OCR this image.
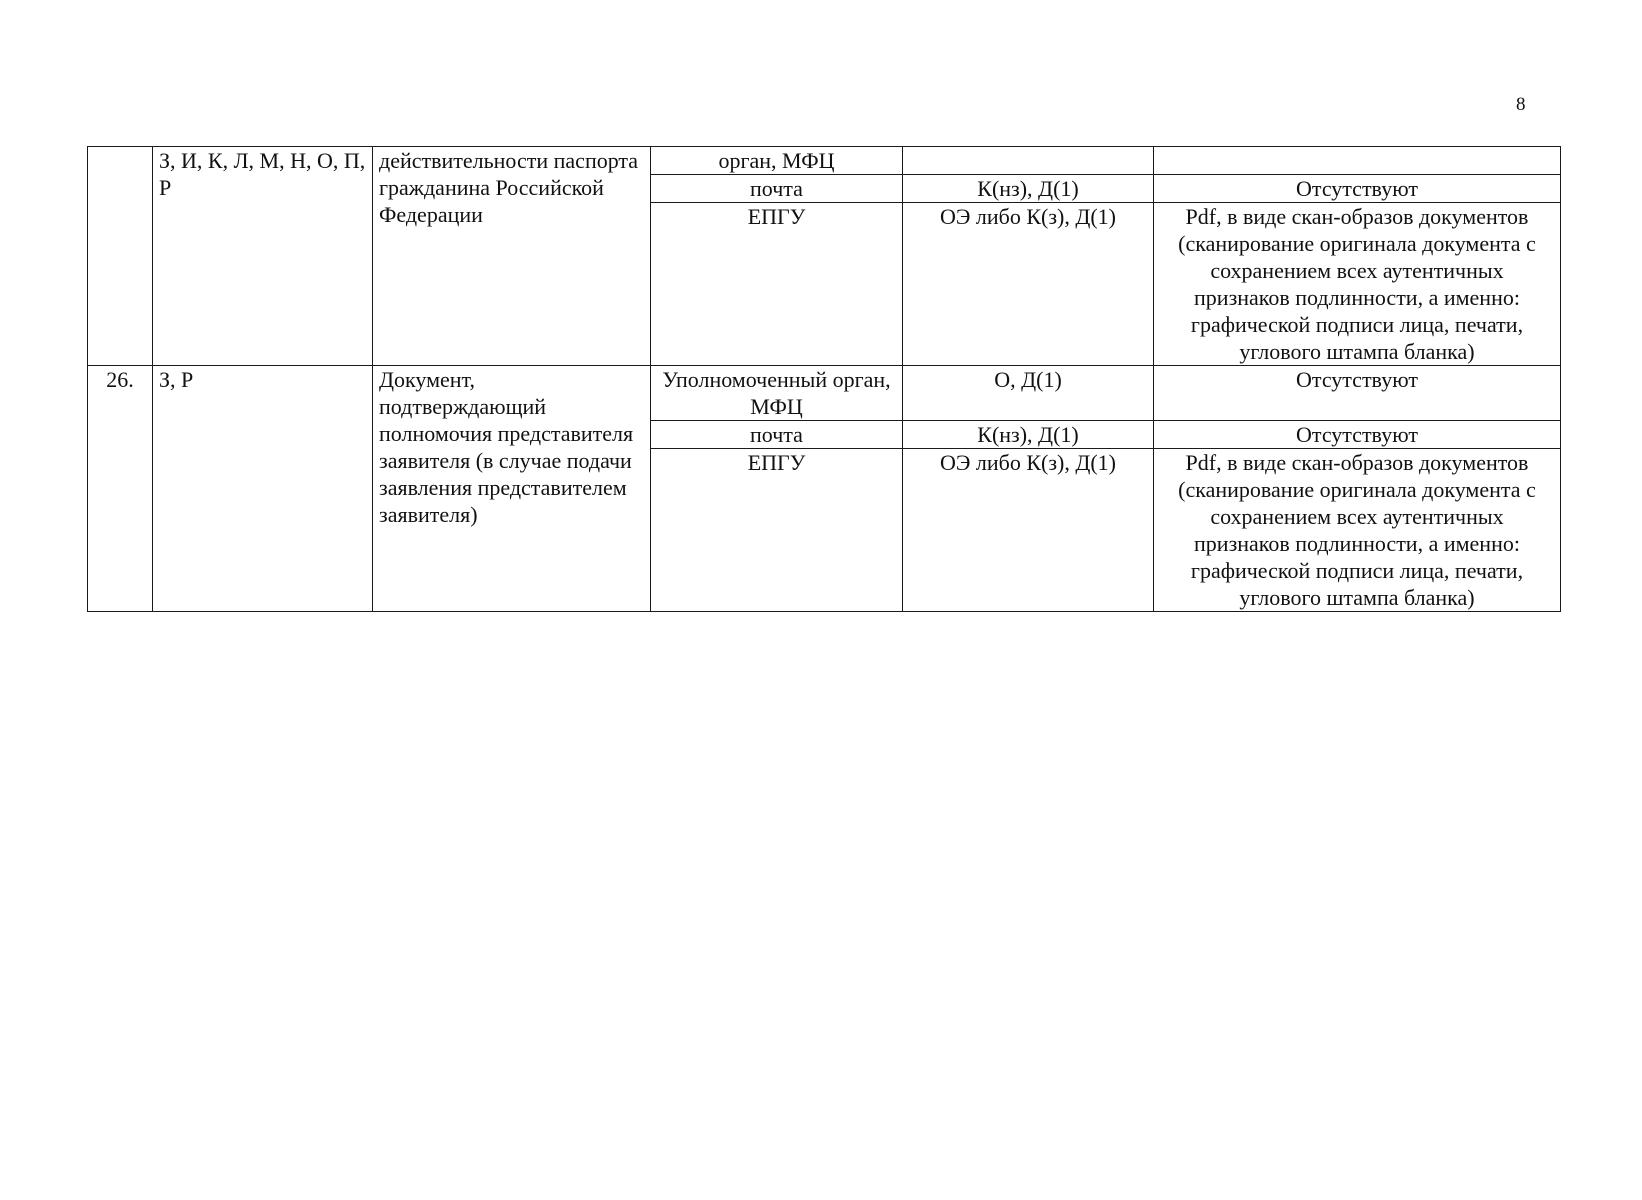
8
	З, И, К, Л, М, Н, О, П, Р	действительности паспорта гражданина Российской Федерации	орган, МФЦ		
			почта	К(нз), Д(1)	Отсутствуют
			ЕПГУ	ОЭ либо К(з), Д(1)	Pdf, в виде скан-образов документов (сканирование оригинала документа с сохранением всех аутентичных признаков подлинности, а именно: графической подписи лица, печати, углового штампа бланка)
26.	З, Р	Документ, подтверждающий полномочия представителя заявителя (в случае подачи заявления представителем заявителя)	Уполномоченный орган, МФЦ	О, Д(1)	Отсутствуют
			почта	К(нз), Д(1)	Отсутствуют
			ЕПГУ	ОЭ либо К(з), Д(1)	Pdf, в виде скан-образов документов (сканирование оригинала документа с сохранением всех аутентичных признаков подлинности, а именно: графической подписи лица, печати, углового штампа бланка)
